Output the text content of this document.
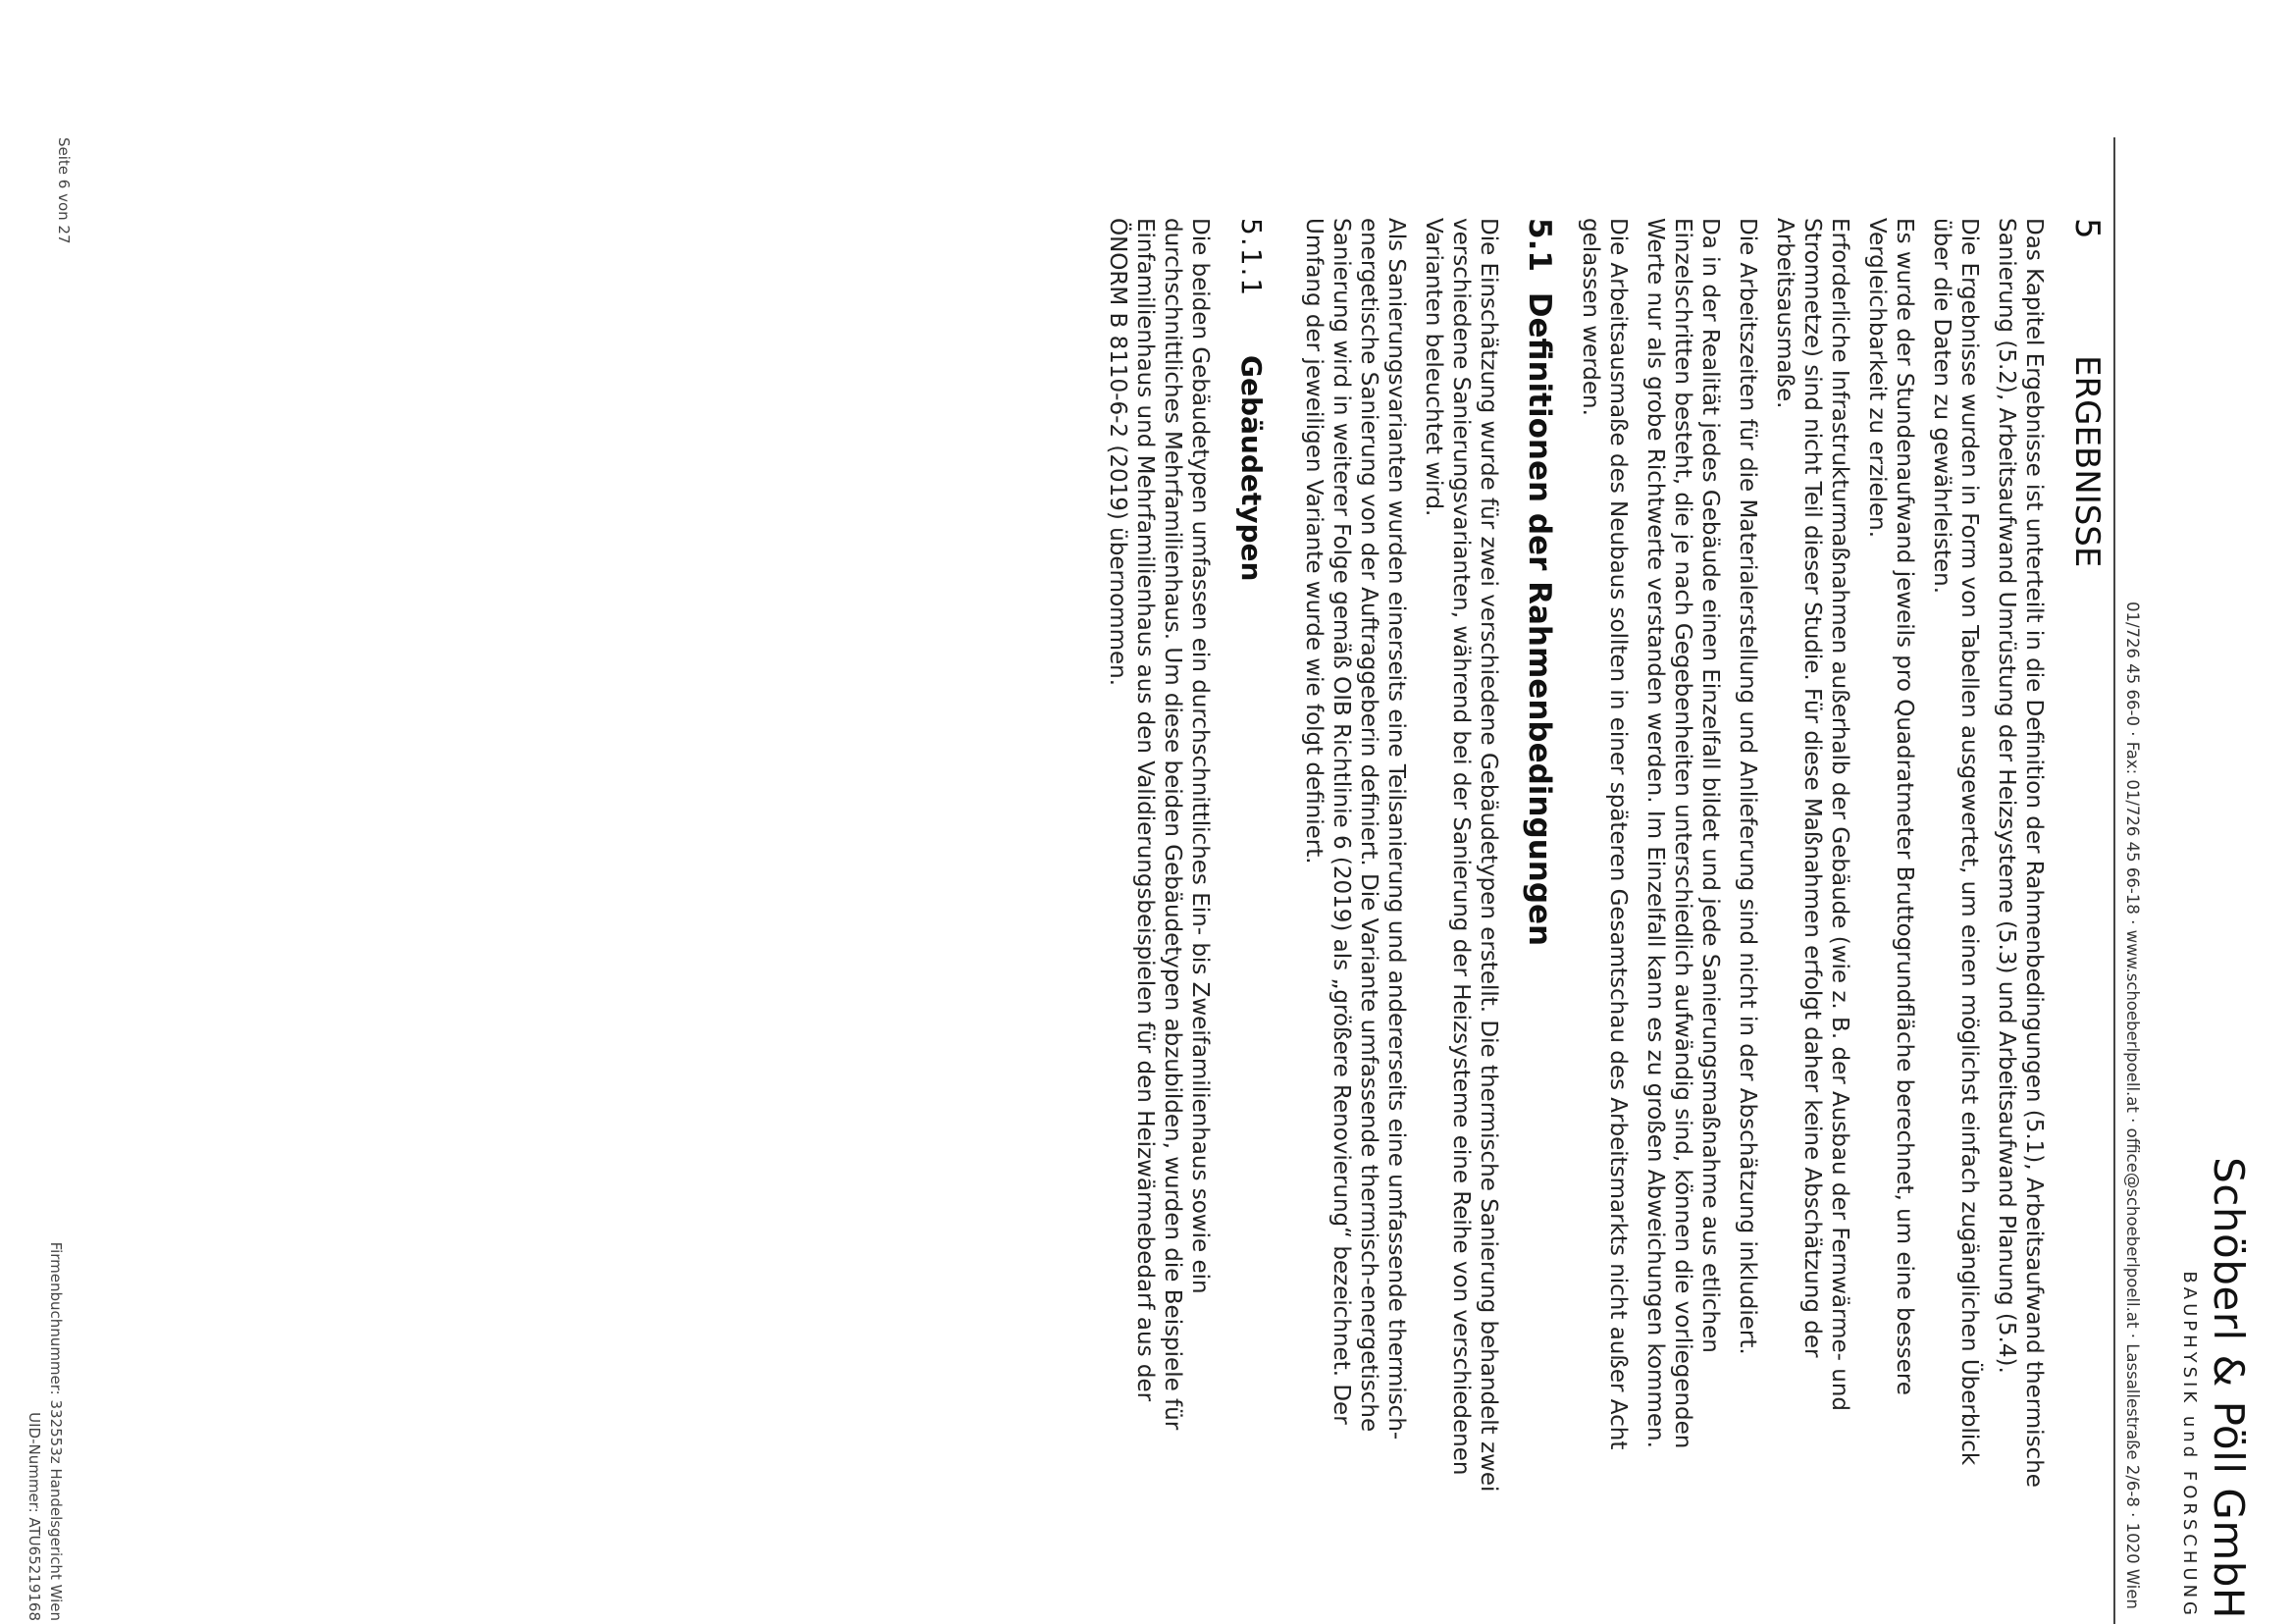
Schöberl & Pöll GmbH
BAUPHYSIK und FORSCHUNG
01/726 45 66-0 · Fax: 01/726 45 66-18 · www.schoeberlpoell.at · office@schoeberlpoell.at · Lassallestraße 2/6-8 · 1020 Wien
5
ERGEBNISSE

Das Kapitel Ergebnisse ist unterteilt in die Definition der Rahmenbedingungen (5.1), Arbeitsaufwand thermische Sanierung (5.2), Arbeitsaufwand Umrüstung der Heizsysteme (5.3) und Arbeitsaufwand Planung (5.4).

Die Ergebnisse wurden in Form von Tabellen ausgewertet, um einen möglichst einfach zugänglichen Überblick über die Daten zu gewährleisten.

Es wurde der Stundenaufwand jeweils pro Quadratmeter Bruttogrundfläche berechnet, um eine bessere Vergleichbarkeit zu erzielen.

Erforderliche Infrastrukturmaßnahmen außerhalb der Gebäude (wie z. B. der Ausbau der Fernwärme- und Stromnetze) sind nicht Teil dieser Studie. Für diese Maßnahmen erfolgt daher keine Abschätzung der Arbeitsausmaße.

Die Arbeitszeiten für die Materialerstellung und Anlieferung sind nicht in der Abschätzung inkludiert.

Da in der Realität jedes Gebäude einen Einzelfall bildet und jede Sanierungsmaßnahme aus etlichen Einzelschritten besteht, die je nach Gegebenheiten unterschiedlich aufwändig sind, können die vorliegenden Werte nur als grobe Richtwerte verstanden werden. Im Einzelfall kann es zu großen Abweichungen kommen.

Die Arbeitsausmaße des Neubaus sollten in einer späteren Gesamtschau des Arbeitsmarkts nicht außer Acht gelassen werden.

5.1 Definitionen der Rahmenbedingungen

Die Einschätzung wurde für zwei verschiedene Gebäudetypen erstellt. Die thermische Sanierung behandelt zwei verschiedene Sanierungsvarianten, während bei der Sanierung der Heizsysteme eine Reihe von verschiedenen Varianten beleuchtet wird.

Als Sanierungsvarianten wurden einerseits eine Teilsanierung und andererseits eine umfassende thermisch-energetische Sanierung von der Auftraggeberin definiert. Die Variante umfassende thermisch-energetische Sanierung wird in weiterer Folge gemäß OIB Richtlinie 6 (2019) als „größere Renovierung“ bezeichnet. Der Umfang der jeweiligen Variante wurde wie folgt definiert.

5.1.1
Gebäudetypen

Die beiden Gebäudetypen umfassen ein durchschnittliches Ein- bis Zweifamilienhaus sowie ein durchschnittliches Mehrfamilienhaus. Um diese beiden Gebäudetypen abzubilden, wurden die Beispiele für Einfamilienhaus und Mehrfamilienhaus aus den Validierungsbeispielen für den Heizwärmebedarf aus der ÖNORM B 8110-6-2 (2019) übernommen.

Seite 6 von 27
Firmenbuchnummer: 332553z Handelsgericht Wien
UID-Nummer: ATU65219168
